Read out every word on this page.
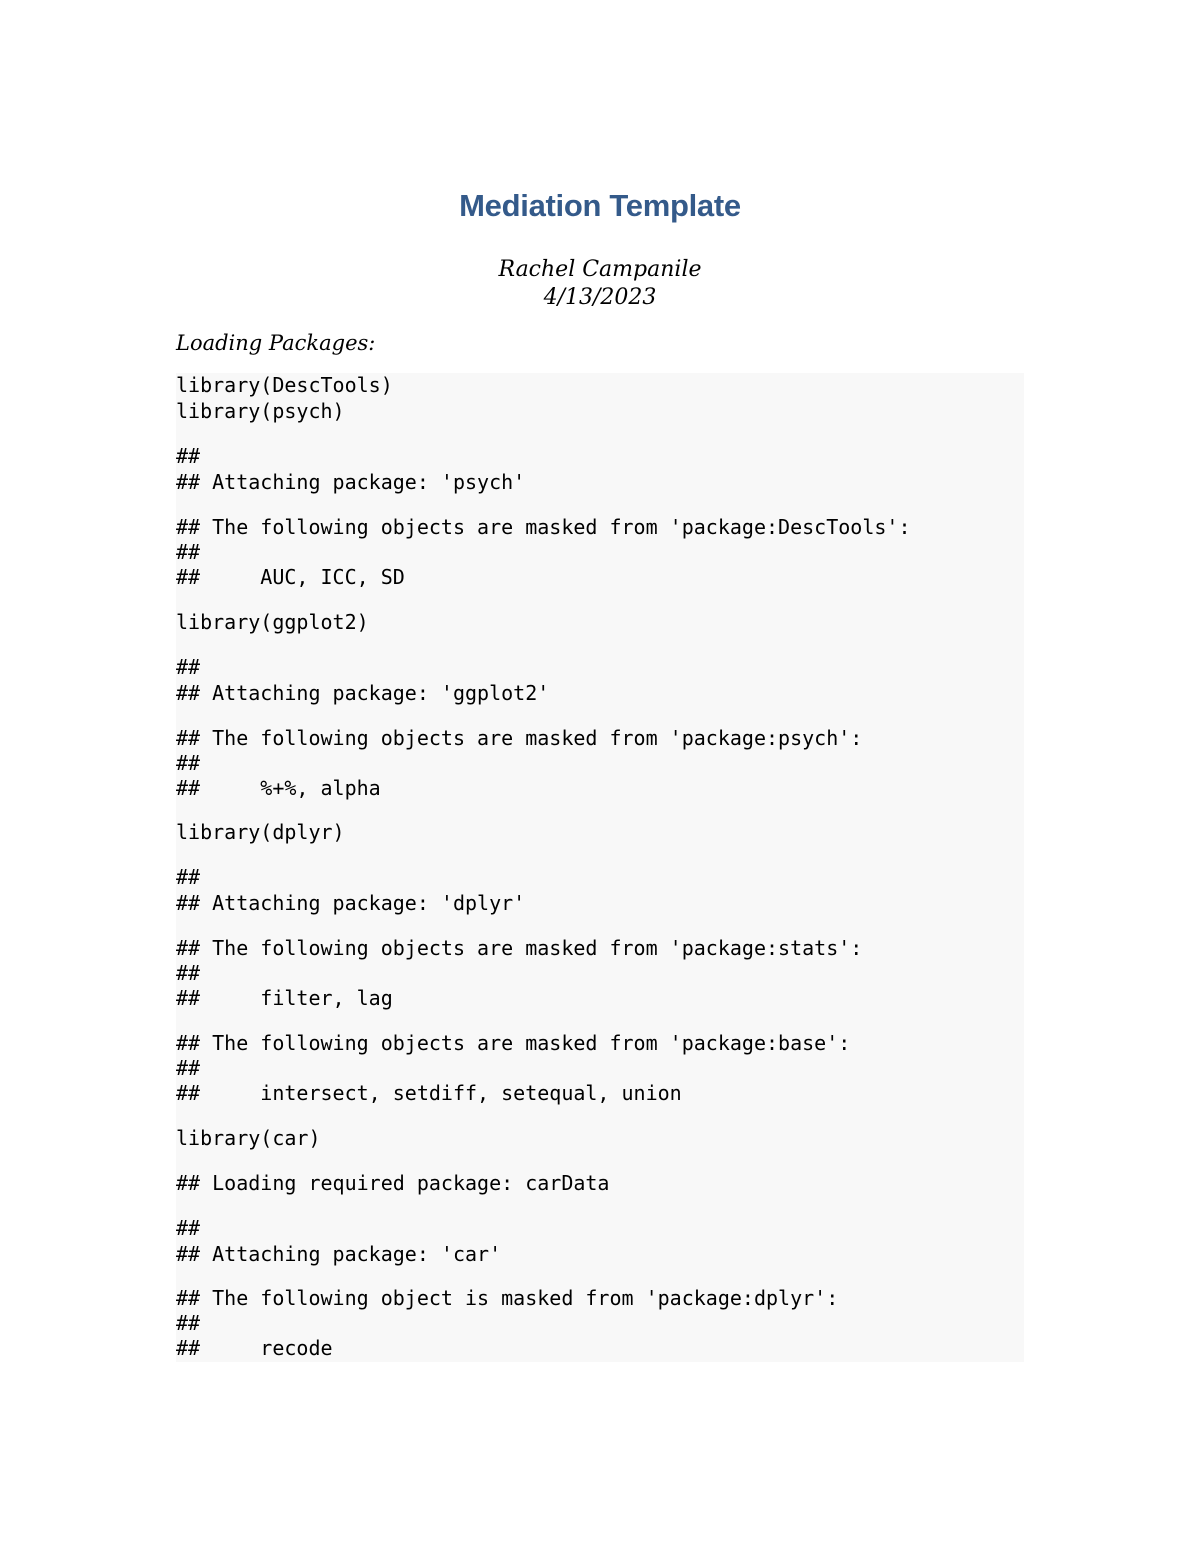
Mediation Template
Rachel Campanile
4/13/2023
Loading Packages:
library(DescTools)
library(psych)
##
## Attaching package: 'psych'
## The following objects are masked from 'package:DescTools':
##
##     AUC, ICC, SD
library(ggplot2)
##
## Attaching package: 'ggplot2'
## The following objects are masked from 'package:psych':
##
##     %+%, alpha
library(dplyr)
##
## Attaching package: 'dplyr'
## The following objects are masked from 'package:stats':
##
##     filter, lag
## The following objects are masked from 'package:base':
##
##     intersect, setdiff, setequal, union
library(car)
## Loading required package: carData
##
## Attaching package: 'car'
## The following object is masked from 'package:dplyr':
##
##     recode
